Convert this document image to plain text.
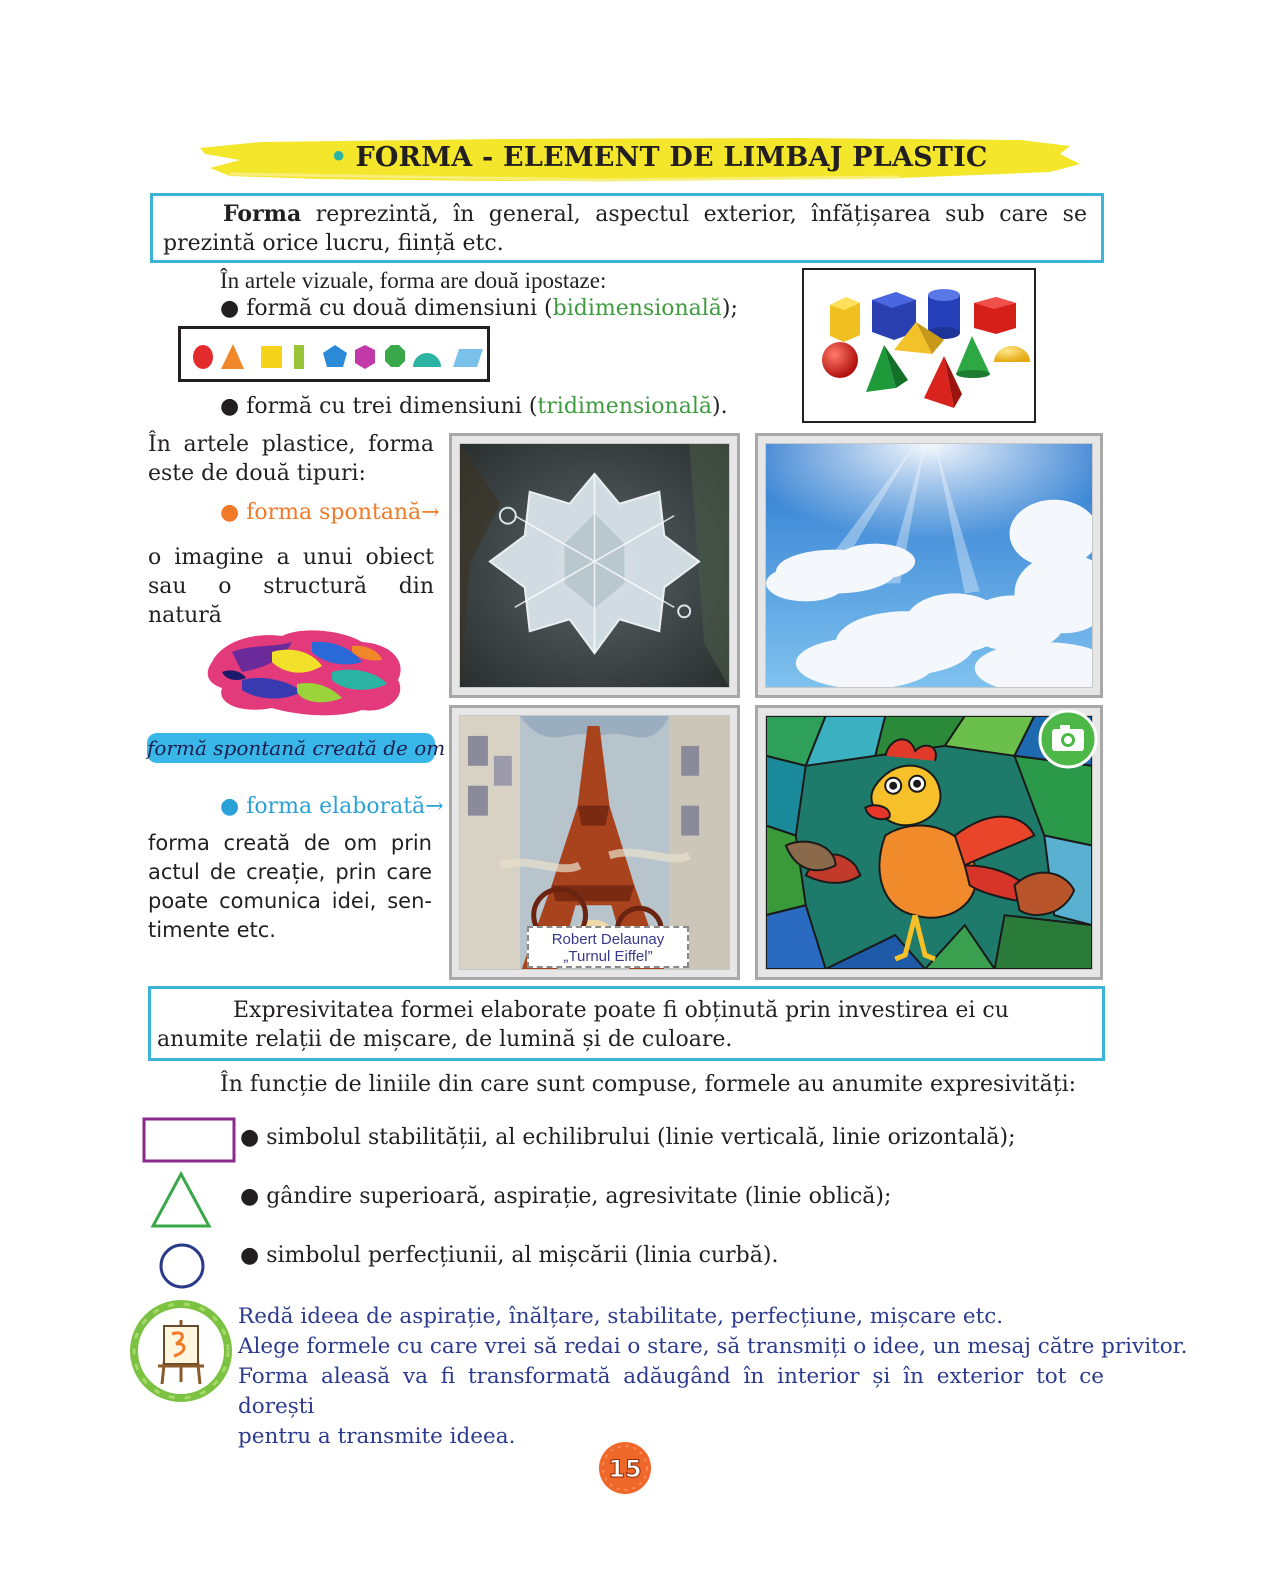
• FORMA - ELEMENT DE LIMBAJ PLASTIC
Forma reprezintă, în general, aspectul exterior, înfățișarea sub care se prezintă orice lucru, ființă etc.
În artele vizuale, forma are două ipostaze:
● formă cu două dimensiuni (bidimensională);
● formă cu trei dimensiuni (tridimensională).
În artele plastice, forma este de două tipuri:
● forma spontană→
o imagine a unui obiect sau o structură din natură
formă spontană creată de om
● forma elaborată→
forma creată de om prin actul de creație, prin care poate comunica idei, sen-timente etc.	Robert Delaunay
„Turnul Eiffel”
Expresivitatea formei elaborate poate fi obținută prin investirea ei cu anumite relații de mișcare, de lumină și de culoare.
În funcție de liniile din care sunt compuse, formele au anumite expresivități:
● simbolul stabilității, al echilibrului (linie verticală, linie orizontală);
● gândire superioară, aspirație, agresivitate (linie oblică);
● simbolul perfecțiunii, al mișcării (linia curbă).
Redă ideea de aspirație, înălțare, stabilitate, perfecțiune, mișcare etc.
Alege formele cu care vrei să redai o stare, să transmiți o idee, un mesaj către privitor.
Forma aleasă va fi transformată adăugând în interior și în exterior tot ce dorești
pentru a transmite ideea.
15
